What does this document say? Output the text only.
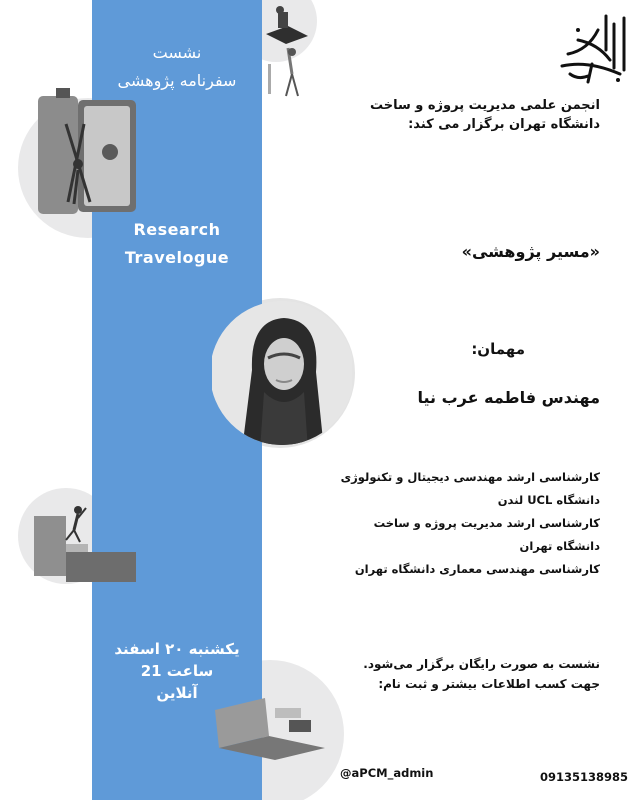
نشست
سفرنامه پژوهشی
Research
Travelogue
یکشنبه ۲۰ اسفند
ساعت 21
آنلاین
انجمن علمی مدیریت پروژه و ساخت
دانشگاه تهران برگزار می کند:
«مسیر پژوهشی»
مهمان:
مهندس فاطمه عرب نیا
کارشناسی ارشد مهندسی دیجیتال و تکنولوژی
دانشگاه UCL لندن
کارشناسی ارشد مدیریت پروژه و ساخت
دانشگاه تهران
کارشناسی مهندسی معماری دانشگاه تهران
نشست به صورت رایگان برگزار می‌شود.
جهت کسب اطلاعات بیشتر و ثبت نام:
@aPCM_admin	09135138985
